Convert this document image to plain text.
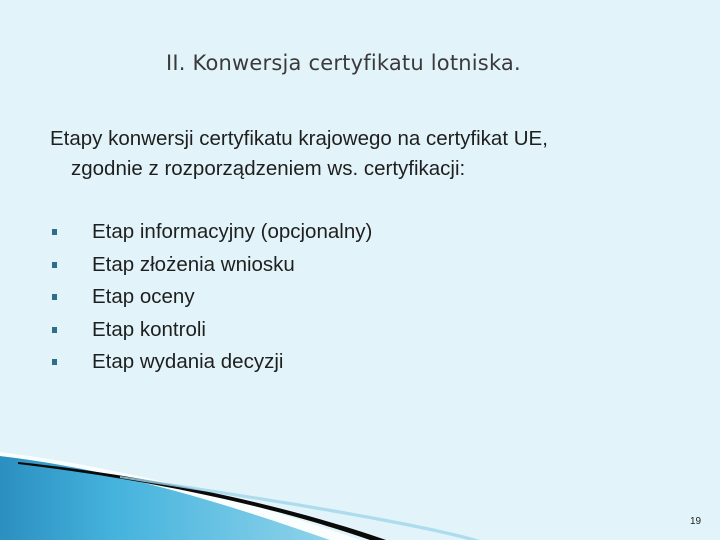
II. Konwersja certyfikatu lotniska.
Etapy konwersji certyfikatu krajowego na certyfikat UE,
zgodnie z rozporządzeniem ws. certyfikacji:
Etap informacyjny (opcjonalny)
Etap złożenia wniosku
Etap oceny
Etap kontroli
Etap wydania decyzji
19
